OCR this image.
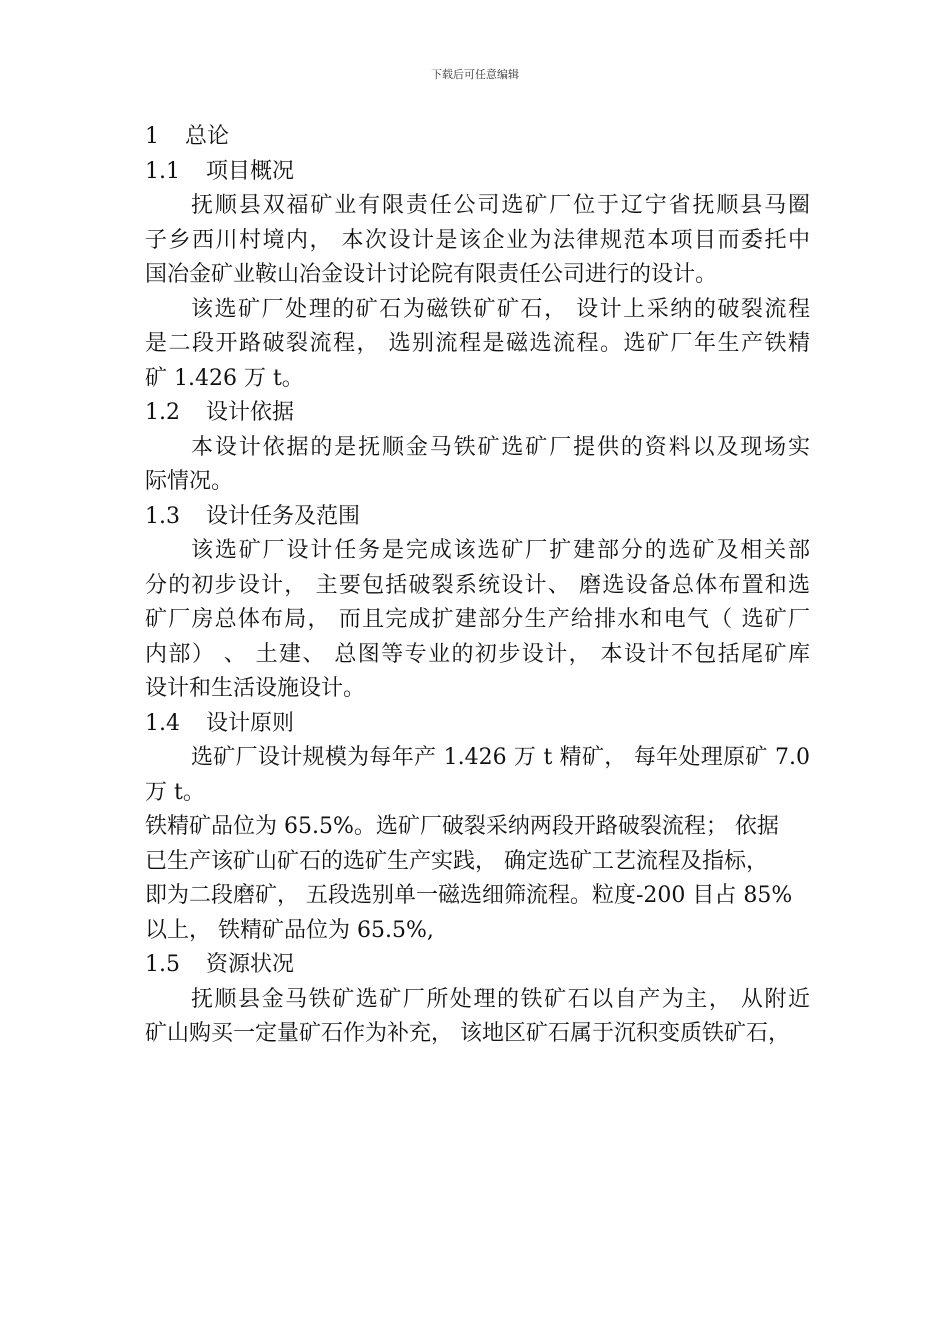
下载后可任意编辑
1 总论
1.1 项目概况
抚顺县双福矿业有限责任公司选矿厂位于辽宁省抚顺县马圈
子乡西川村境内， 本次设计是该企业为法律规范本项目而委托中
国冶金矿业鞍山冶金设计讨论院有限责任公司进行的设计。
该选矿厂处理的矿石为磁铁矿矿石， 设计上采纳的破裂流程
是二段开路破裂流程， 选别流程是磁选流程。选矿厂年生产铁精
矿 1.426 万 t。
1.2 设计依据
本设计依据的是抚顺金马铁矿选矿厂提供的资料以及现场实
际情况。
1.3 设计任务及范围
该选矿厂设计任务是完成该选矿厂扩建部分的选矿及相关部
分的初步设计， 主要包括破裂系统设计、 磨选设备总体布置和选
矿厂房总体布局， 而且完成扩建部分生产给排水和电气（ 选矿厂
内部） 、 土建、 总图等专业的初步设计， 本设计不包括尾矿库
设计和生活设施设计。
1.4 设计原则
选矿厂设计规模为每年产 1.426 万 t 精矿， 每年处理原矿 7.0
万 t。
铁精矿品位为 65.5%。选矿厂破裂采纳两段开路破裂流程； 依据
已生产该矿山矿石的选矿生产实践， 确定选矿工艺流程及指标，
即为二段磨矿， 五段选别单一磁选细筛流程。粒度-200 目占 85%
以上， 铁精矿品位为 65.5%,
1.5 资源状况
抚顺县金马铁矿选矿厂所处理的铁矿石以自产为主， 从附近
矿山购买一定量矿石作为补充， 该地区矿石属于沉积变质铁矿石，
